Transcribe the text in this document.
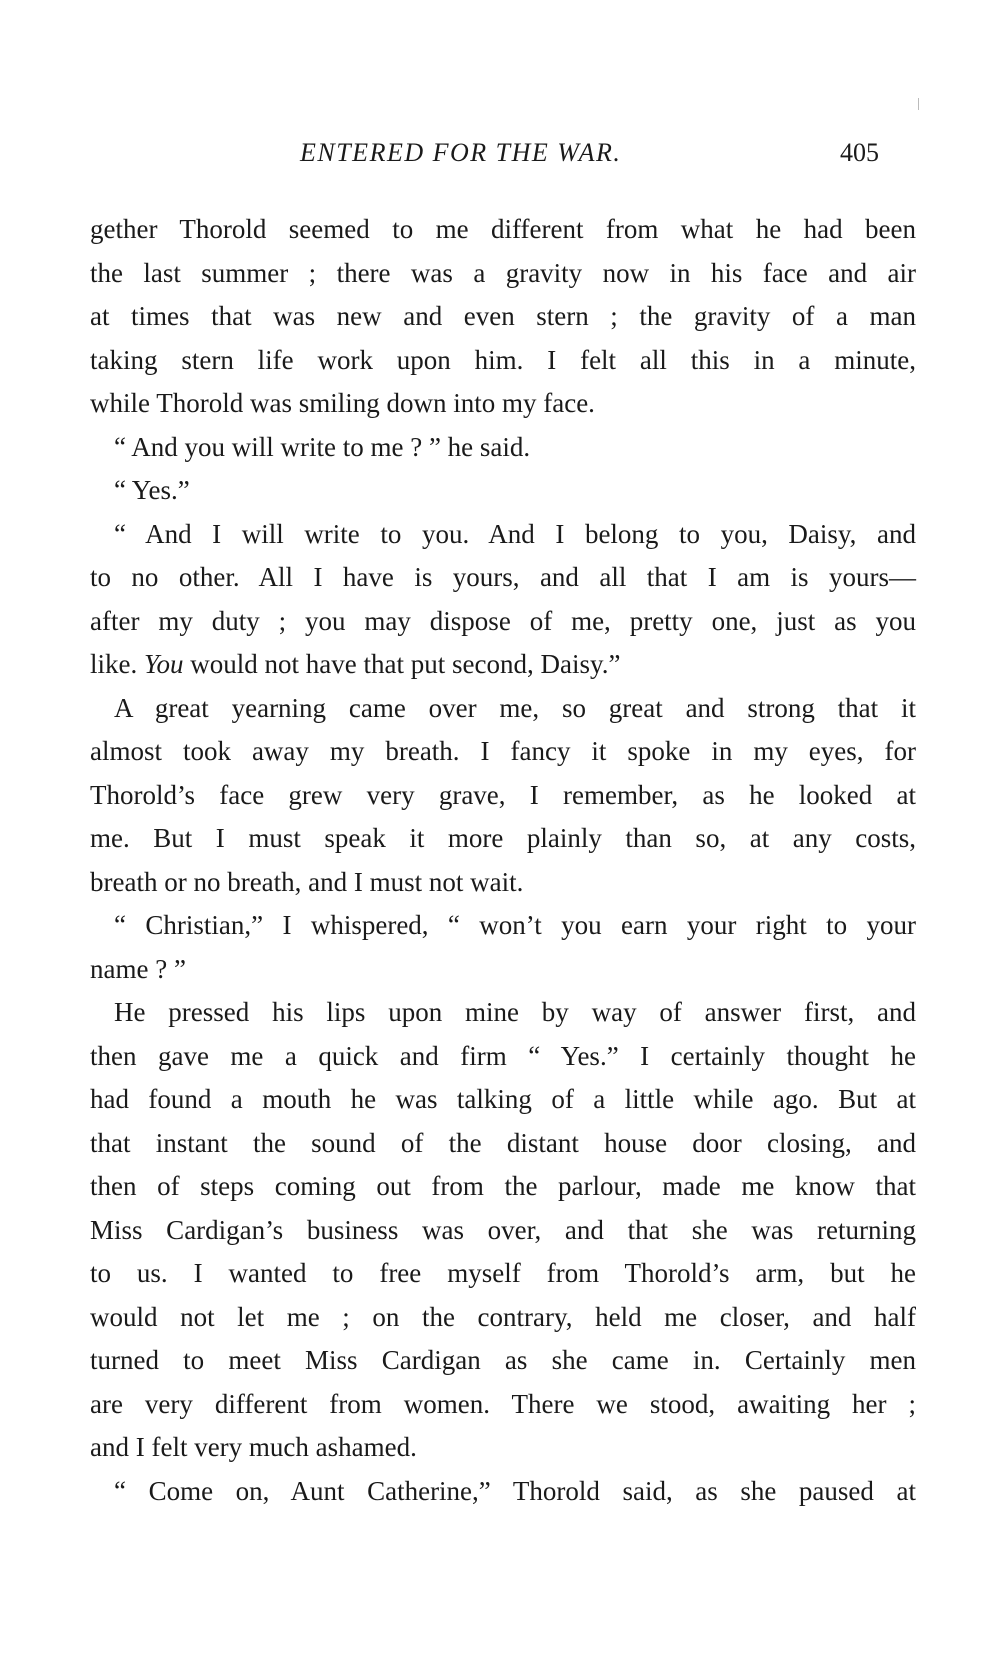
ENTERED FOR THE WAR.	405
gether Thorold seemed to me different from what he had been
the last summer ; there was a gravity now in his face and air
at times that was new and even stern ; the gravity of a man
taking stern life work upon him. I felt all this in a minute,
while Thorold was smiling down into my face.
“ And you will write to me ? ” he said.
“ Yes.”
“ And I will write to you. And I belong to you, Daisy, and
to no other. All I have is yours, and all that I am is yours—
after my duty ; you may dispose of me, pretty one, just as you
like. You would not have that put second, Daisy.”
A great yearning came over me, so great and strong that it
almost took away my breath. I fancy it spoke in my eyes, for
Thorold’s face grew very grave, I remember, as he looked at
me. But I must speak it more plainly than so, at any costs,
breath or no breath, and I must not wait.
“ Christian,” I whispered, “ won’t you earn your right to your
name ? ”
He pressed his lips upon mine by way of answer first, and
then gave me a quick and firm “ Yes.” I certainly thought he
had found a mouth he was talking of a little while ago. But at
that instant the sound of the distant house door closing, and
then of steps coming out from the parlour, made me know that
Miss Cardigan’s business was over, and that she was returning
to us. I wanted to free myself from Thorold’s arm, but he
would not let me ; on the contrary, held me closer, and half
turned to meet Miss Cardigan as she came in. Certainly men
are very different from women. There we stood, awaiting her ;
and I felt very much ashamed.
“ Come on, Aunt Catherine,” Thorold said, as she paused at
